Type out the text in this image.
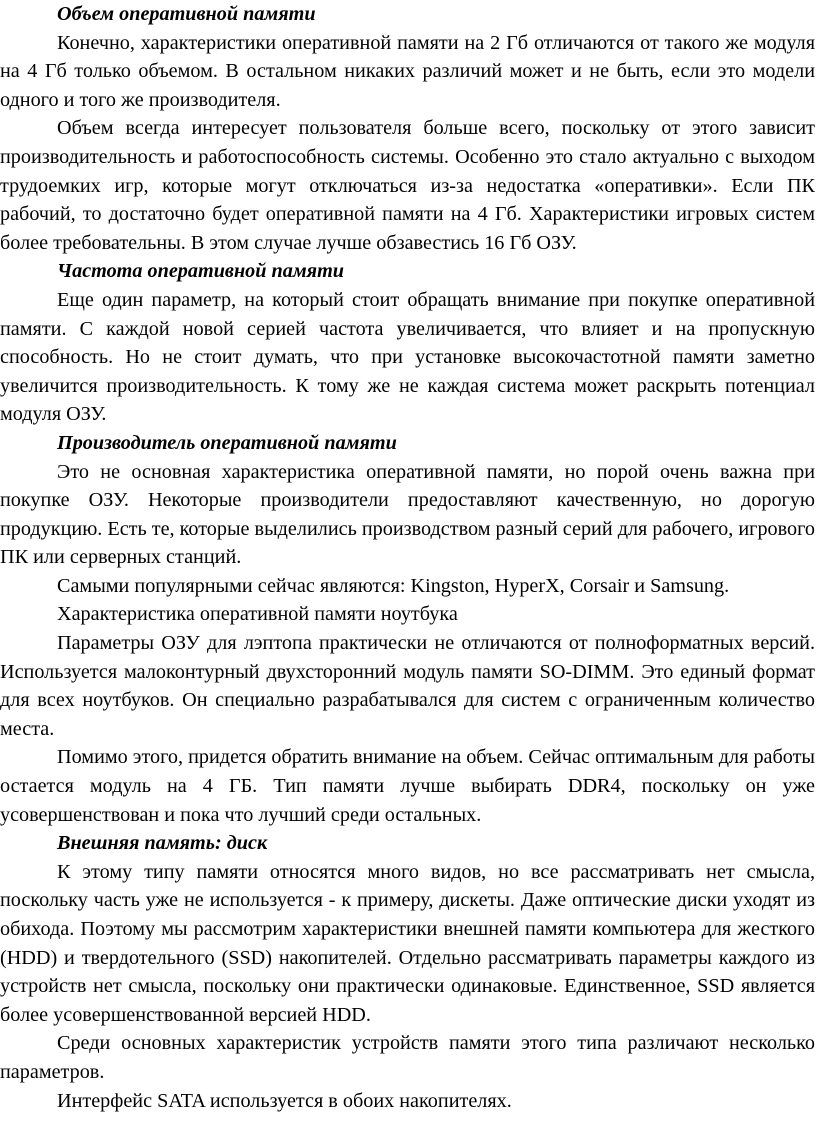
Объем оперативной памяти

Конечно, характеристики оперативной памяти на 2 Гб отличаются от такого же модуля на 4 Гб только объемом. В остальном никаких различий может и не быть, если это модели одного и того же производителя.

Объем всегда интересует пользователя больше всего, поскольку от этого зависит производительность и работоспособность системы. Особенно это стало актуально с выходом трудоемких игр, которые могут отключаться из-за недостатка «оперативки». Если ПК рабочий, то достаточно будет оперативной памяти на 4 Гб. Характеристики игровых систем более требовательны. В этом случае лучше обзавестись 16 Гб ОЗУ.

Частота оперативной памяти

Еще один параметр, на который стоит обращать внимание при покупке оперативной памяти. С каждой новой серией частота увеличивается, что влияет и на пропускную способность. Но не стоит думать, что при установке высокочастотной памяти заметно увеличится производительность. К тому же не каждая система может раскрыть потенциал модуля ОЗУ.

Производитель оперативной памяти

Это не основная характеристика оперативной памяти, но порой очень важна при покупке ОЗУ. Некоторые производители предоставляют качественную, но дорогую продукцию. Есть те, которые выделились производством разный серий для рабочего, игрового ПК или серверных станций.

Самыми популярными сейчас являются: Kingston, HyperX, Corsair и Samsung.

Характеристика оперативной памяти ноутбука

Параметры ОЗУ для лэптопа практически не отличаются от полноформатных версий. Используется малоконтурный двухсторонний модуль памяти SO-DIMM. Это единый формат для всех ноутбуков. Он специально разрабатывался для систем с ограниченным количество места.

Помимо этого, придется обратить внимание на объем. Сейчас оптимальным для работы остается модуль на 4 ГБ. Тип памяти лучше выбирать DDR4, поскольку он уже усовершенствован и пока что лучший среди остальных.

Внешняя память: диск

К этому типу памяти относятся много видов, но все рассматривать нет смысла, поскольку часть уже не используется - к примеру, дискеты. Даже оптические диски уходят из обихода. Поэтому мы рассмотрим характеристики внешней памяти компьютера для жесткого (HDD) и твердотельного (SSD) накопителей. Отдельно рассматривать параметры каждого из устройств нет смысла, поскольку они практически одинаковые. Единственное, SSD является более усовершенствованной версией HDD.

Среди основных характеристик устройств памяти этого типа различают несколько параметров.

Интерфейс SATA используется в обоих накопителях.
